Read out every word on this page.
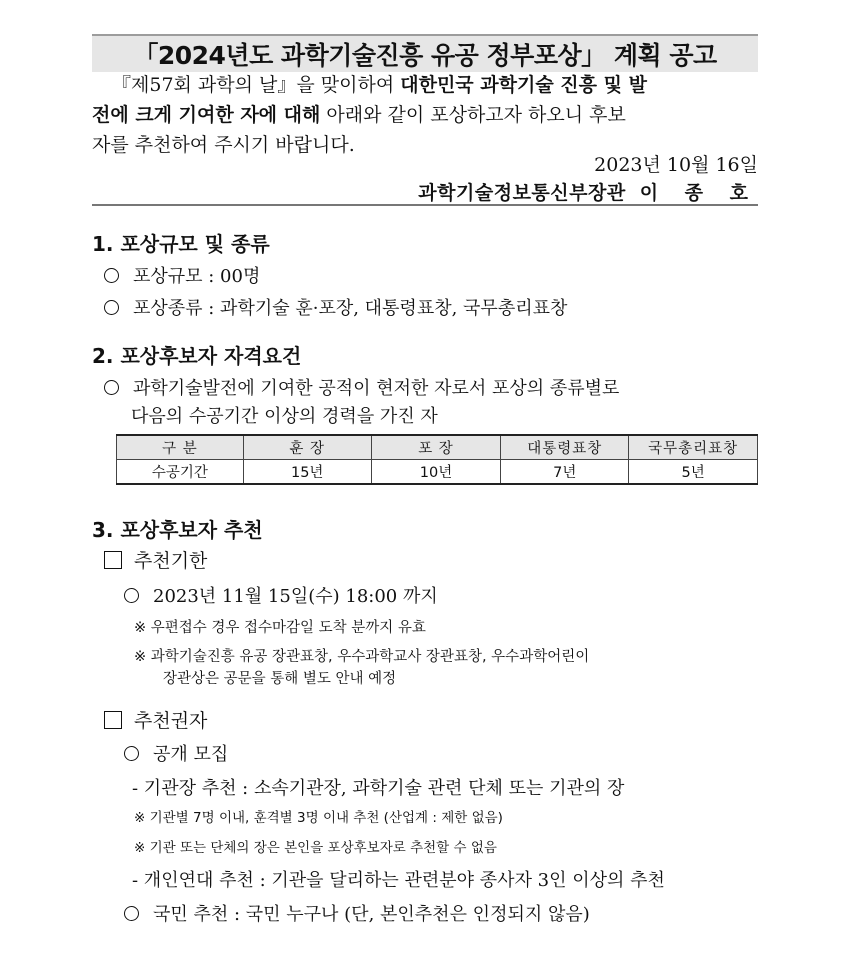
「2024년도 과학기술진흥 유공 정부포상」 계획 공고

『제57회 과학의 날』을 맞이하여 대한민국 과학기술 진흥 및 발

전에 크게 기여한 자에 대해 아래와 같이 포상하고자 하오니 후보

자를 추천하여 주시기 바랍니다.

2023년 10월 16일
과학기술정보통신부장관 이 종 호
1. 포상규모 및 종류
포상규모 : 00명
포상종류 : 과학기술 훈·포장, 대통령표창, 국무총리표창
2. 포상후보자 자격요건
과학기술발전에 기여한 공적이 현저한 자로서 포상의 종류별로
다음의 수공기간 이상의 경력을 가진 자
구 분	훈 장	포 장	대통령표창	국무총리표창
수공기간	15년	10년	7년	5년
3. 포상후보자 추천
추천기한
2023년 11월 15일(수) 18:00 까지
※ 우편접수 경우 접수마감일 도착 분까지 유효
※ 과학기술진흥 유공 장관표창, 우수과학교사 장관표창, 우수과학어린이
장관상은 공문을 통해 별도 안내 예정
추천권자
공개 모집
- 기관장 추천 : 소속기관장, 과학기술 관련 단체 또는 기관의 장
※ 기관별 7명 이내, 훈격별 3명 이내 추천 (산업계 : 제한 없음)
※ 기관 또는 단체의 장은 본인을 포상후보자로 추천할 수 없음
- 개인연대 추천 : 기관을 달리하는 관련분야 종사자 3인 이상의 추천
국민 추천 : 국민 누구나 (단, 본인추천은 인정되지 않음)
